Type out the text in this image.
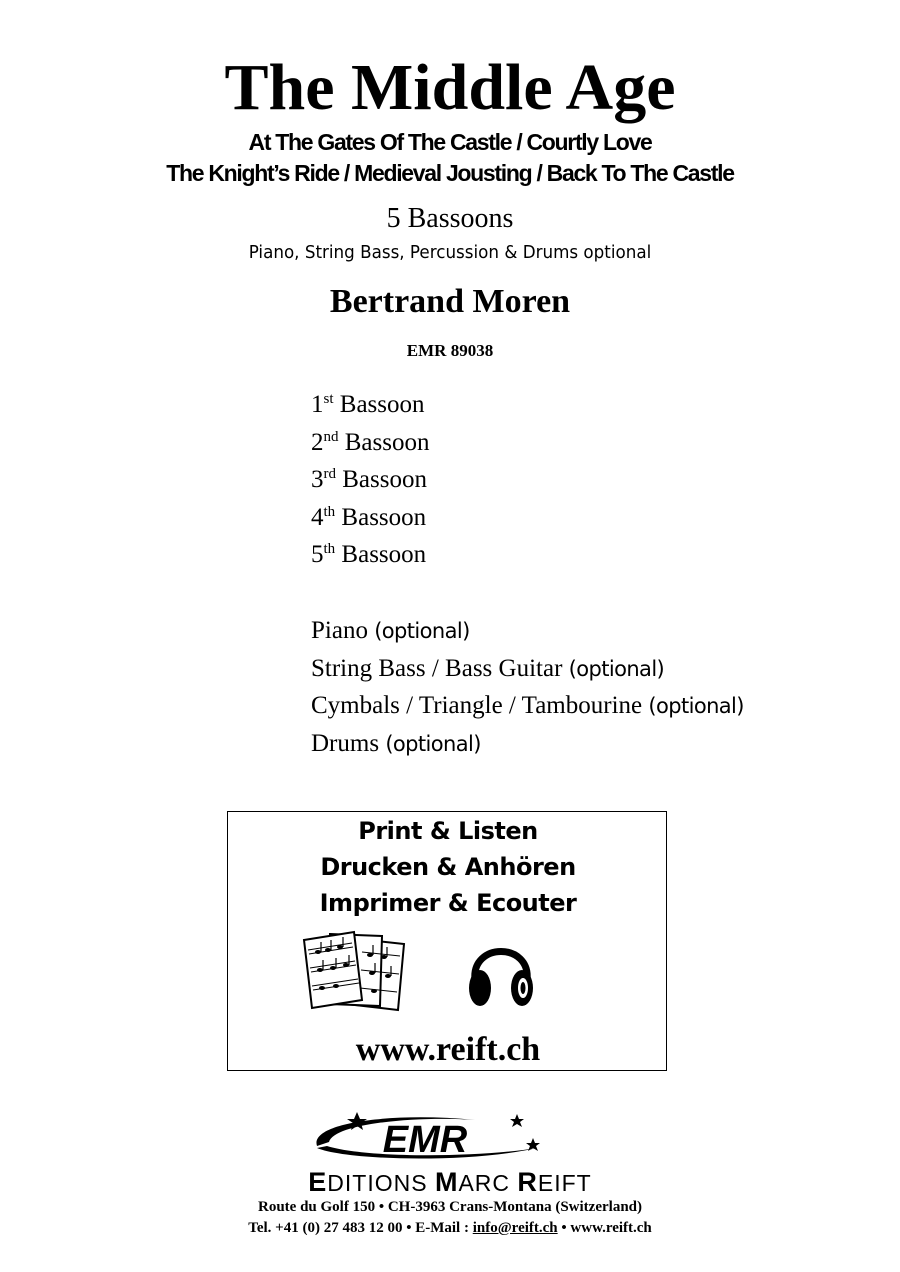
The Middle Age
At The Gates Of The Castle / Courtly Love
The Knight’s Ride / Medieval Jousting / Back To The Castle
5 Bassoons
Piano, String Bass, Percussion & Drums optional
Bertrand Moren
EMR 89038
1st Bassoon
2nd Bassoon
3rd Bassoon
4th Bassoon
5th Bassoon
Piano (optional)
String Bass / Bass Guitar (optional)
Cymbals / Triangle / Tambourine (optional)
Drums (optional)
Print & Listen
Drucken & Anhören
Imprimer & Ecouter
www.reift.ch
EMR
EDITIONS MARC REIFT
Route du Golf 150 • CH-3963 Crans-Montana (Switzerland)
Tel. +41 (0) 27 483 12 00 • E-Mail : info@reift.ch • www.reift.ch
